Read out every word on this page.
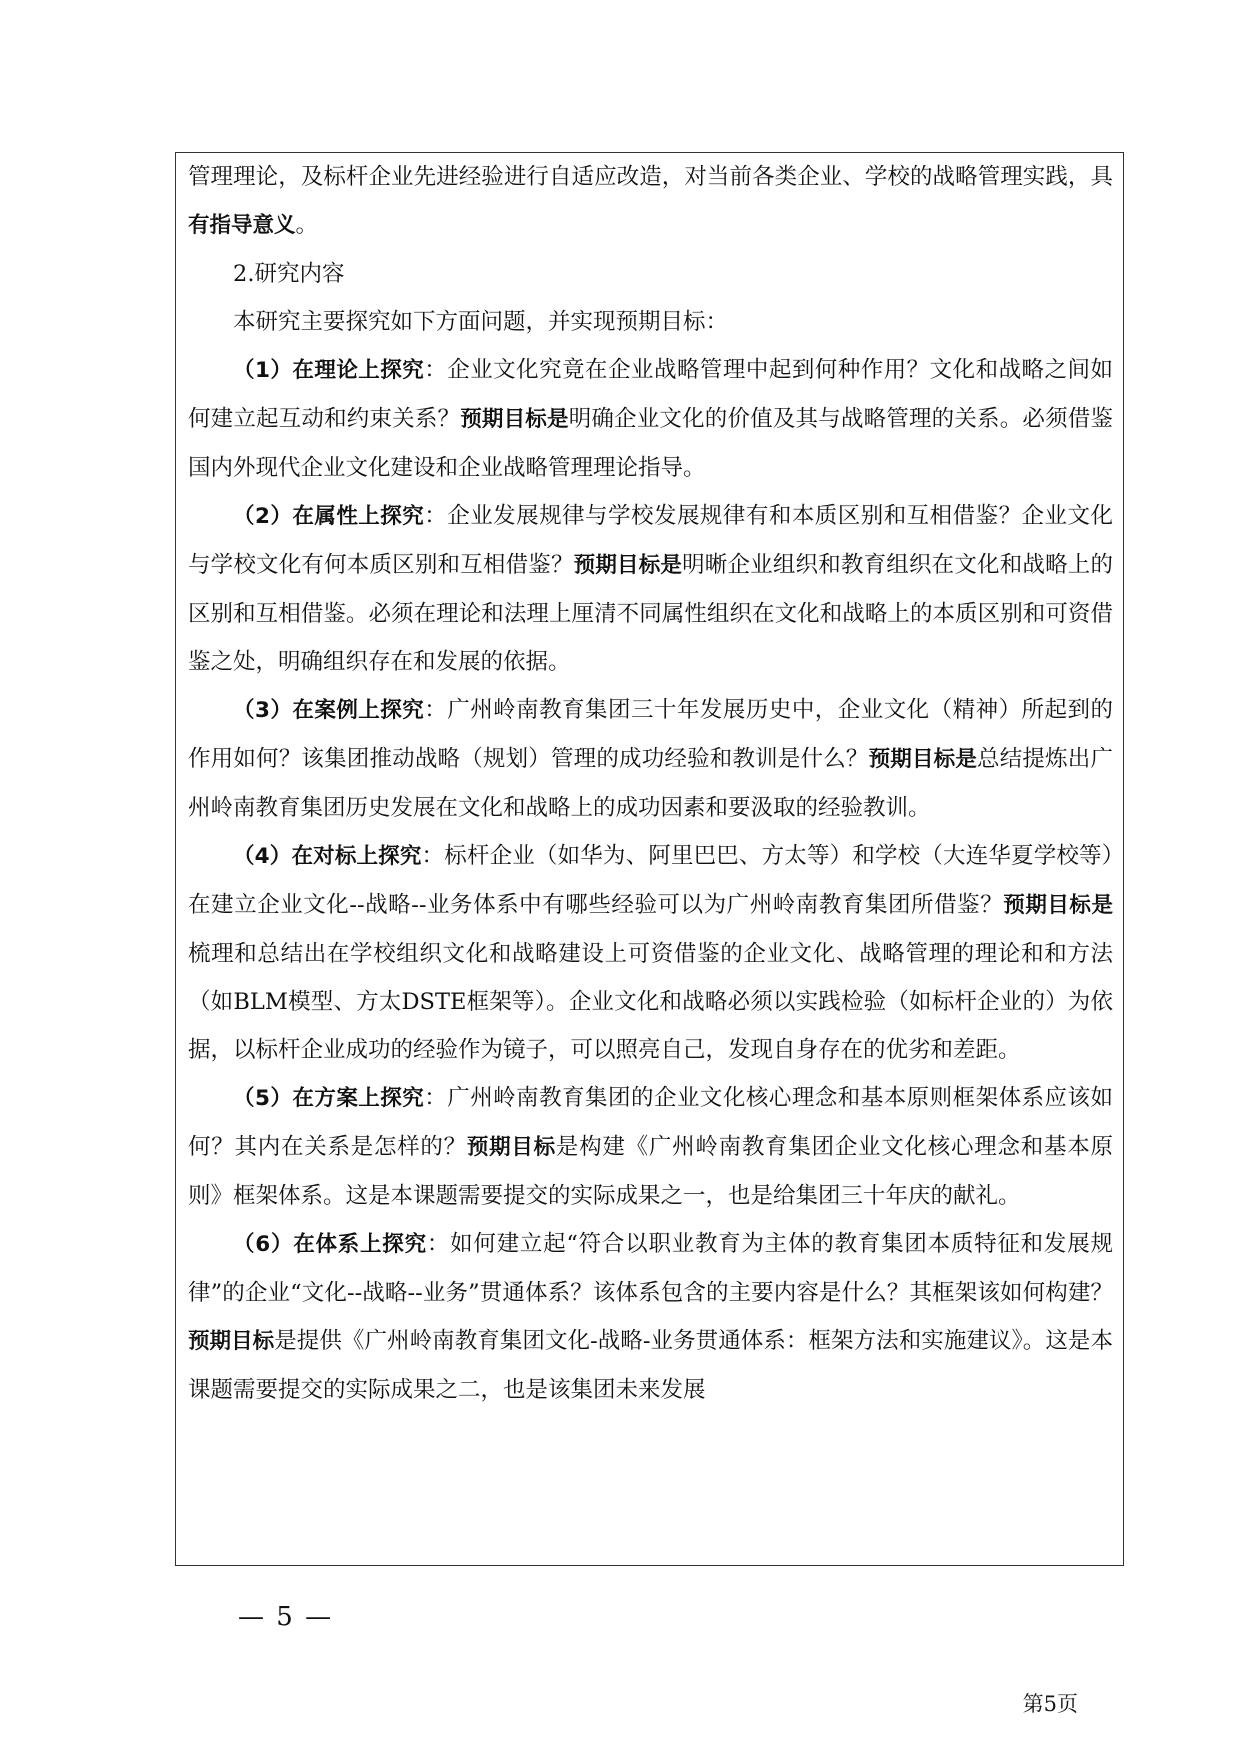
管理理论，及标杆企业先进经验进行自适应改造，对当前各类企业、学校的战略管理实践，具有指导意义。

2.研究内容

本研究主要探究如下方面问题，并实现预期目标：

（1）在理论上探究：企业文化究竟在企业战略管理中起到何种作用？文化和战略之间如何建立起互动和约束关系？预期目标是明确企业文化的价值及其与战略管理的关系。必须借鉴国内外现代企业文化建设和企业战略管理理论指导。

（2）在属性上探究：企业发展规律与学校发展规律有和本质区别和互相借鉴？企业文化与学校文化有何本质区别和互相借鉴？预期目标是明晰企业组织和教育组织在文化和战略上的区别和互相借鉴。必须在理论和法理上厘清不同属性组织在文化和战略上的本质区别和可资借鉴之处，明确组织存在和发展的依据。

（3）在案例上探究：广州岭南教育集团三十年发展历史中，企业文化（精神）所起到的作用如何？该集团推动战略（规划）管理的成功经验和教训是什么？预期目标是总结提炼出广州岭南教育集团历史发展在文化和战略上的成功因素和要汲取的经验教训。

（4）在对标上探究：标杆企业（如华为、阿里巴巴、方太等）和学校（大连华夏学校等）在建立企业文化--战略--业务体系中有哪些经验可以为广州岭南教育集团所借鉴？预期目标是梳理和总结出在学校组织文化和战略建设上可资借鉴的企业文化、战略管理的理论和和方法（如BLM模型、方太DSTE框架等）。企业文化和战略必须以实践检验（如标杆企业的）为依据，以标杆企业成功的经验作为镜子，可以照亮自己，发现自身存在的优劣和差距。

（5）在方案上探究：广州岭南教育集团的企业文化核心理念和基本原则框架体系应该如何？其内在关系是怎样的？预期目标是构建《广州岭南教育集团企业文化核心理念和基本原则》框架体系。这是本课题需要提交的实际成果之一，也是给集团三十年庆的献礼。

（6）在体系上探究：如何建立起“符合以职业教育为主体的教育集团本质特征和发展规律”的企业“文化--战略--业务”贯通体系？该体系包含的主要内容是什么？其框架该如何构建？预期目标是提供《广州岭南教育集团文化-战略-业务贯通体系：框架方法和实施建议》。这是本课题需要提交的实际成果之二，也是该集团未来发展

— 5 —
第5页
